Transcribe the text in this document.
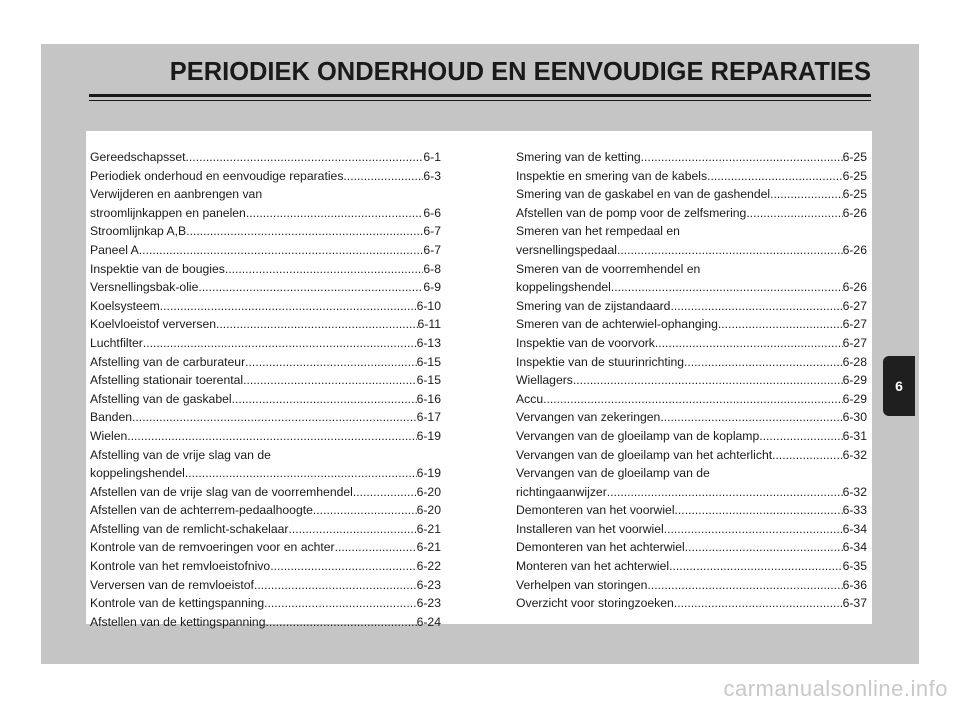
PERIODIEK ONDERHOUD EN EENVOUDIGE REPARATIES
Gereedschapsset .....	6-1
Periodiek onderhoud en eenvoudige reparaties .....	6-3
Verwijderen en aanbrengen van
stroomlijnkappen en panelen .....	6-6
Stroomlijnkap A,B .....	6-7
Paneel A .....	6-7
Inspektie van de bougies .....	6-8
Versnellingsbak-olie .....	6-9
Koelsysteem .....	6-10
Koelvloeistof verversen .....	6-11
Luchtfilter .....	6-13
Afstelling van de carburateur .....	6-15
Afstelling stationair toerental .....	6-15
Afstelling van de gaskabel .....	6-16
Banden .....	6-17
Wielen .....	6-19
Afstelling van de vrije slag van de
koppelingshendel .....	6-19
Afstellen van de vrije slag van de voorremhendel .....	6-20
Afstellen van de achterrem-pedaalhoogte .....	6-20
Afstelling van de remlicht-schakelaar .....	6-21
Kontrole van de remvoeringen voor en achter .....	6-21
Kontrole van het remvloeistofnivo .....	6-22
Verversen van de remvloeistof .....	6-23
Kontrole van de kettingspanning .....	6-23
Afstellen van de kettingspanning .....	6-24
Smering van de ketting .....	6-25
Inspektie en smering van de kabels .....	6-25
Smering van de gaskabel en van de gashendel .....	6-25
Afstellen van de pomp voor de zelfsmering .....	6-26
Smeren van het rempedaal en
versnellingspedaal .....	6-26
Smeren van de voorremhendel en
koppelingshendel .....	6-26
Smering van de zijstandaard .....	6-27
Smeren van de achterwiel-ophanging .....	6-27
Inspektie van de voorvork .....	6-27
Inspektie van de stuurinrichting .....	6-28
Wiellagers .....	6-29
Accu .....	6-29
Vervangen van zekeringen .....	6-30
Vervangen van de gloeilamp van de koplamp .....	6-31
Vervangen van de gloeilamp van het achterlicht .....	6-32
Vervangen van de gloeilamp van de
richtingaanwijzer .....	6-32
Demonteren van het voorwiel .....	6-33
Installeren van het voorwiel .....	6-34
Demonteren van het achterwiel .....	6-34
Monteren van het achterwiel .....	6-35
Verhelpen van storingen .....	6-36
Overzicht voor storingzoeken .....	6-37
6
carmanualsonline.info
